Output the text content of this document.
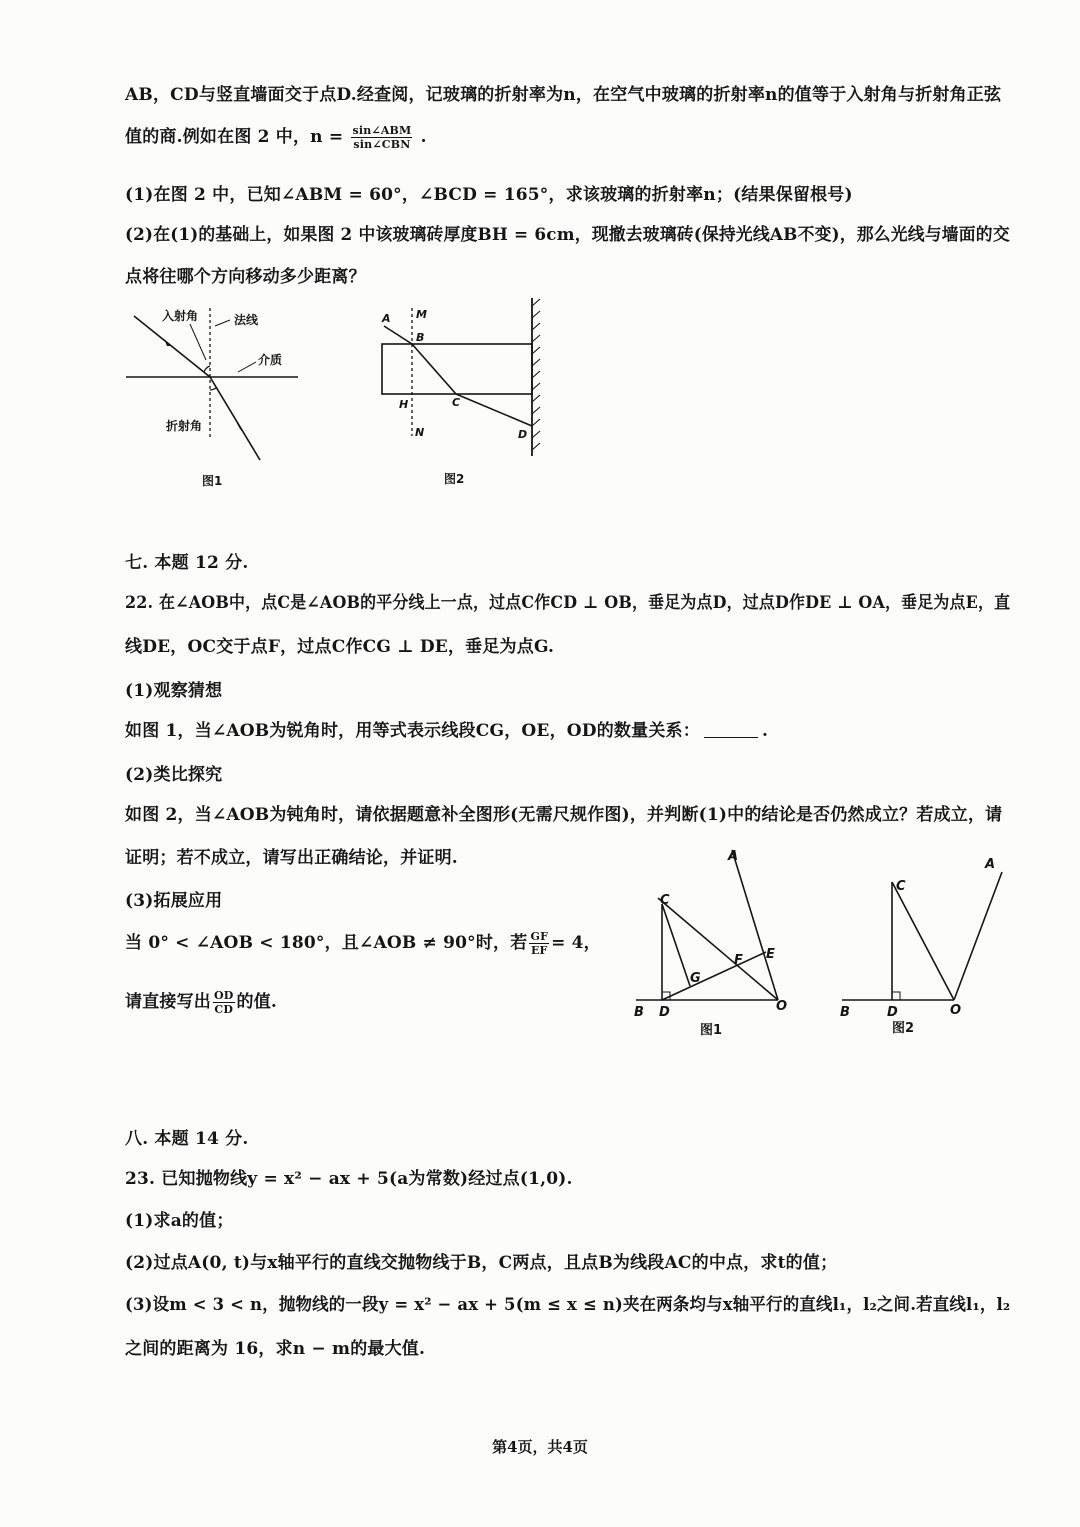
AB，CD与竖直墙面交于点D.经查阅，记玻璃的折射率为n，在空气中玻璃的折射率n的值等于入射角与折射角正弦
值的商.例如在图 2 中，$n = \frac{\text{sin∠ABM}}{\text{sin∠CBN}}$ .
(1)在图 2 中，已知∠ABM = 60°，∠BCD = 165°，求该玻璃的折射率n；(结果保留根号)
(2)在(1)的基础上，如果图 2 中该玻璃砖厚度BH = 6cm，现撤去玻璃砖(保持光线AB不变)，那么光线与墙面的交
点将往哪个方向移动多少距离？
入射角	法线
介质
折射角
图1
A M
B
H	C
N	D
图2
七. 本题 12 分.
22. 在∠AOB中，点C是∠AOB的平分线上一点，过点C作CD ⊥ OB，垂足为点D，过点D作DE ⊥ OA，垂足为点E，直
线DE，OC交于点F，过点C作CG ⊥ DE，垂足为点G.
(1)观察猜想
如图 1，当∠AOB为锐角时，用等式表示线段CG，OE，OD的数量关系：	.
(2)类比探究
如图 2，当∠AOB为钝角时，请依据题意补全图形(无需尺规作图)，并判断(1)中的结论是否仍然成立？若成立，请
证明；若不成立，请写出正确结论，并证明.
(3)拓展应用
当 0° < ∠AOB < 180°，且∠AOB ≠ 90°时，若 $\frac{GF}{EF} = 4$，
请直接写出 $\frac{OD}{CD}$ 的值.
A
C
E
F
G
B D	O
图1
C
A
B	D	O
图2
八. 本题 14 分.
23. 已知抛物线y = x² − ax + 5(a为常数)经过点(1,0).
(1)求a的值；
(2)过点A(0, t)与x轴平行的直线交抛物线于B，C两点，且点B为线段AC的中点，求t的值；
(3)设m < 3 < n，抛物线的一段y = x² − ax + 5(m ≤ x ≤ n)夹在两条均与x轴平行的直线l₁，l₂之间.若直线l₁，l₂
之间的距离为 16，求n − m的最大值.
第4页，共4页
